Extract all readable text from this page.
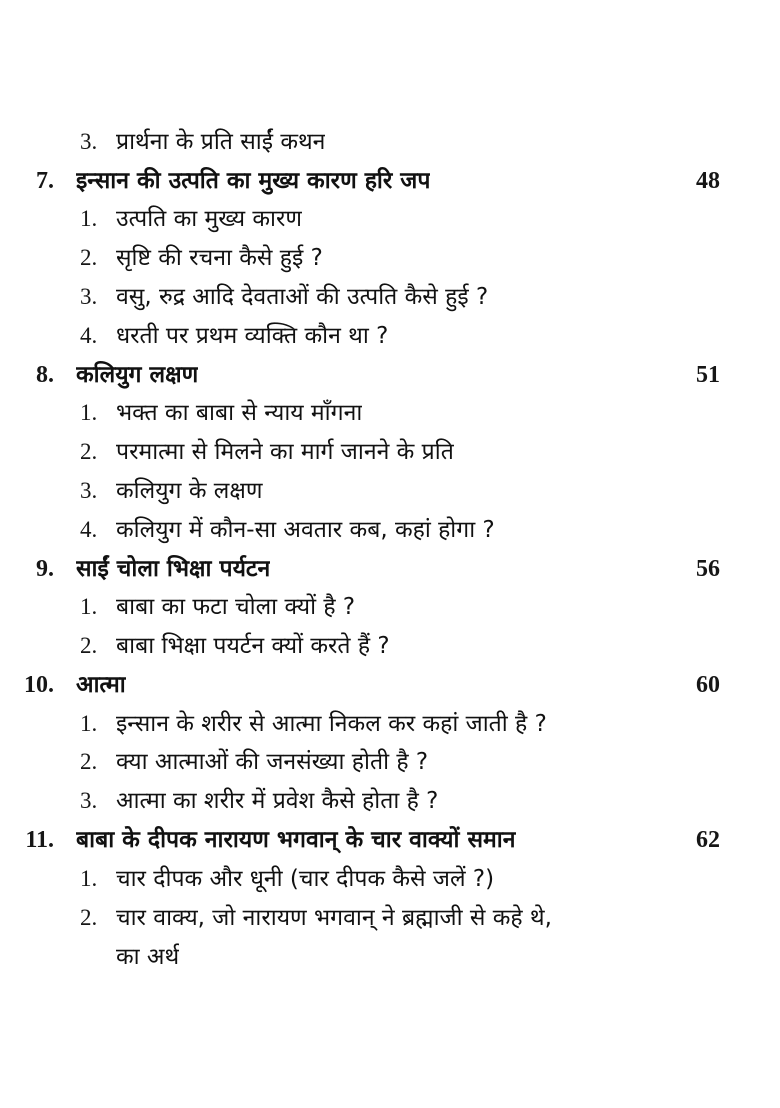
3. प्रार्थना के प्रति साईं कथन
7. इन्सान की उत्पति का मुख्य कारण हरि जप	48
1. उत्पति का मुख्य कारण
2. सृष्टि की रचना कैसे हुई ?
3. वसु, रुद्र आदि देवताओं की उत्पति कैसे हुई ?
4. धरती पर प्रथम व्यक्ति कौन था ?
8. कलियुग लक्षण	51
1. भक्त का बाबा से न्याय माँगना
2. परमात्मा से मिलने का मार्ग जानने के प्रति
3. कलियुग के लक्षण
4. कलियुग में कौन-सा अवतार कब, कहां होगा ?
9. साईं चोला भिक्षा पर्यटन	56
1. बाबा का फटा चोला क्यों है ?
2. बाबा भिक्षा पयर्टन क्यों करते हैं ?
10. आत्मा	60
1. इन्सान के शरीर से आत्मा निकल कर कहां जाती है ?
2. क्या आत्माओं की जनसंख्या होती है ?
3. आत्मा का शरीर में प्रवेश कैसे होता है ?
11. बाबा के दीपक नारायण भगवान् के चार वाक्यों समान	62
1. चार दीपक और धूनी (चार दीपक कैसे जलें ?)
2. चार वाक्य, जो नारायण भगवान् ने ब्रह्माजी से कहे थे,
का अर्थ
